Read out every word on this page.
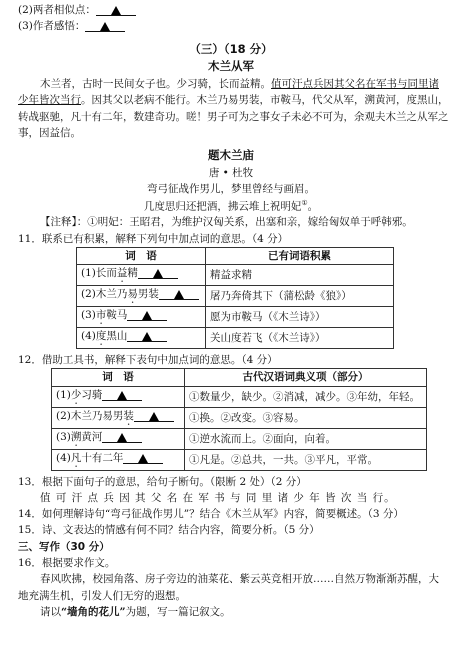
(2)两者相似点：
(3)作者感悟：
（三）（18 分）
木兰从军
木兰者，古时一民间女子也。少习骑，长而益精。值可汗点兵因其父名在军书与同里诸
少年皆次当行。因其父以老病不能行。木兰乃易男装，市鞍马，代父从军，溯黄河，度黑山，
转战驱驰，凡十有二年，数建奇功。嗟！男子可为之事女子未必不可为，余观夫木兰之从军之
事，因益信。
题木兰庙
唐 • 杜牧
弯弓征战作男儿，梦里曾经与画眉。
几度思归还把酒，拂云堆上祝明妃①。
【注释】：①明妃：王昭君，为维护汉匈关系，出塞和亲，嫁给匈奴单于呼韩邪。
11．联系已有积累，解释下列句中加点词的意思。（4 分）
词　语	已有词语积累
(1)长而益精	精益求精
(2)木兰乃易男装	屠乃奔倚其下（蒲松龄《狼》）
(3)市鞍马	愿为市鞍马（《木兰诗》）
(4)度黑山	关山度若飞（《木兰诗》）
12．借助工具书，解释下表句中加点词的意思。（4 分）
词　语	古代汉语词典义项（部分）
(1)少习骑	①数量少，缺少。②消减，减少。③年幼，年轻。
(2)木兰乃易男装	①换。②改变。③容易。
(3)溯黄河	①逆水流而上。②面向，向着。
(4)凡十有二年	①凡是。②总共，一共。③平凡，平常。
13．根据下面句子的意思，给句子断句。（限断 2 处）（2 分）
值 可 汗 点 兵 因 其 父 名 在 军 书 与 同 里 诸 少 年 皆 次 当 行。
14．如何理解诗句“弯弓征战作男儿”？结合《木兰从军》内容，简要概述。（3 分）
15．诗、文表达的情感有何不同？结合内容，简要分析。（5 分）
三、写作（30 分）
16．根据要求作文。
春风吹拂，校园角落、房子旁边的油菜花、紫云英竞相开放……自然万物渐渐苏醒，大
地充满生机，引发人们无穷的遐想。
请以“墙角的花儿”为题，写一篇记叙文。
